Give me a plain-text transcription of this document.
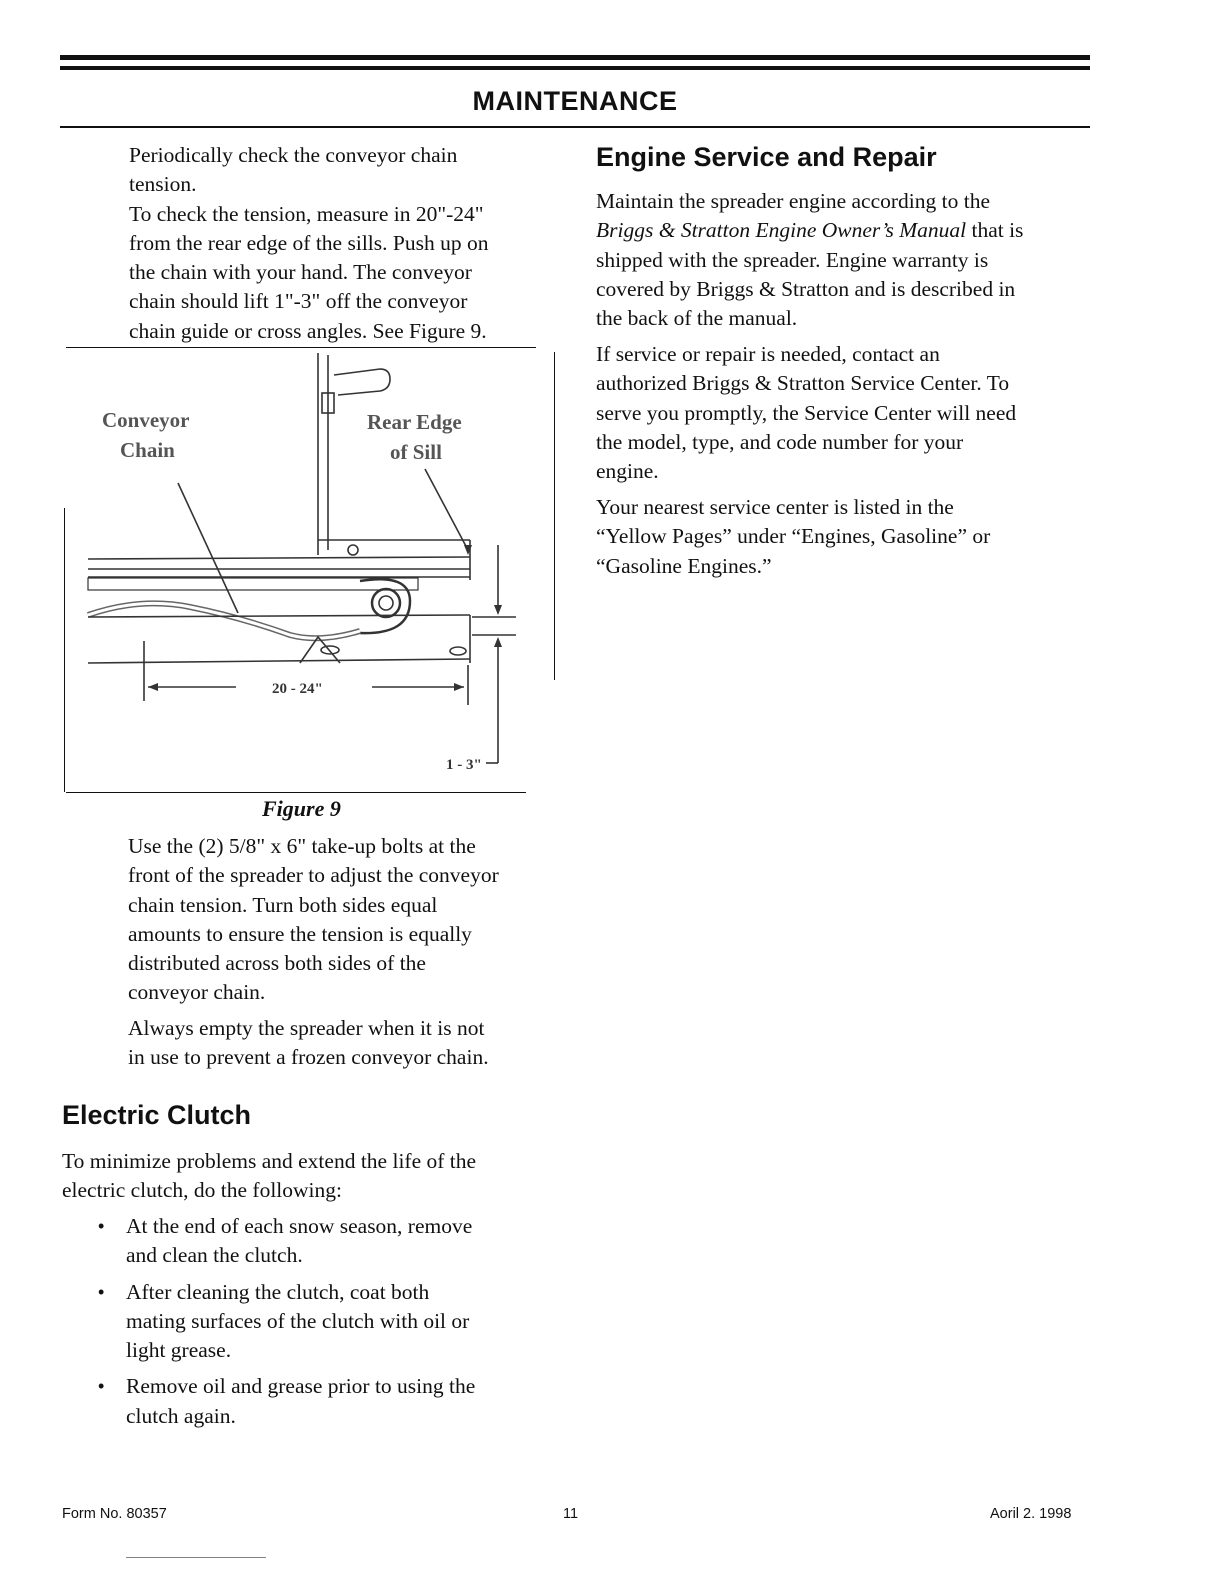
MAINTENANCE

Periodically check the conveyor chain

tension.

To check the tension, measure in 20"-24"

from the rear edge of the sills. Push up on

the chain with your hand. The conveyor

chain should lift 1"-3" off the conveyor

chain guide or cross angles. See Figure 9.

Conveyor
Chain
Rear Edge
of Sill
20 - 24"
1 - 3"
Figure 9

Use the (2) 5/8" x 6" take-up bolts at the

front of the spreader to adjust the conveyor

chain tension. Turn both sides equal

amounts to ensure the tension is equally

distributed across both sides of the

conveyor chain.

Always empty the spreader when it is not

in use to prevent a frozen conveyor chain.

Electric Clutch

To minimize problems and extend the life of the

electric clutch, do the following:

• At the end of each snow season, remove
and clean the clutch.
• After cleaning the clutch, coat both
mating surfaces of the clutch with oil or
light grease.
• Remove oil and grease prior to using the
clutch again.
Engine Service and Repair

Maintain the spreader engine according to the

Briggs & Stratton Engine Owner’s Manual that is

shipped with the spreader. Engine warranty is

covered by Briggs & Stratton and is described in

the back of the manual.

If service or repair is needed, contact an

authorized Briggs & Stratton Service Center. To

serve you promptly, the Service Center will need

the model, type, and code number for your

engine.

Your nearest service center is listed in the

“Yellow Pages” under “Engines, Gasoline” or

“Gasoline Engines.”

Form No. 80357	11	Aoril 2. 1998
